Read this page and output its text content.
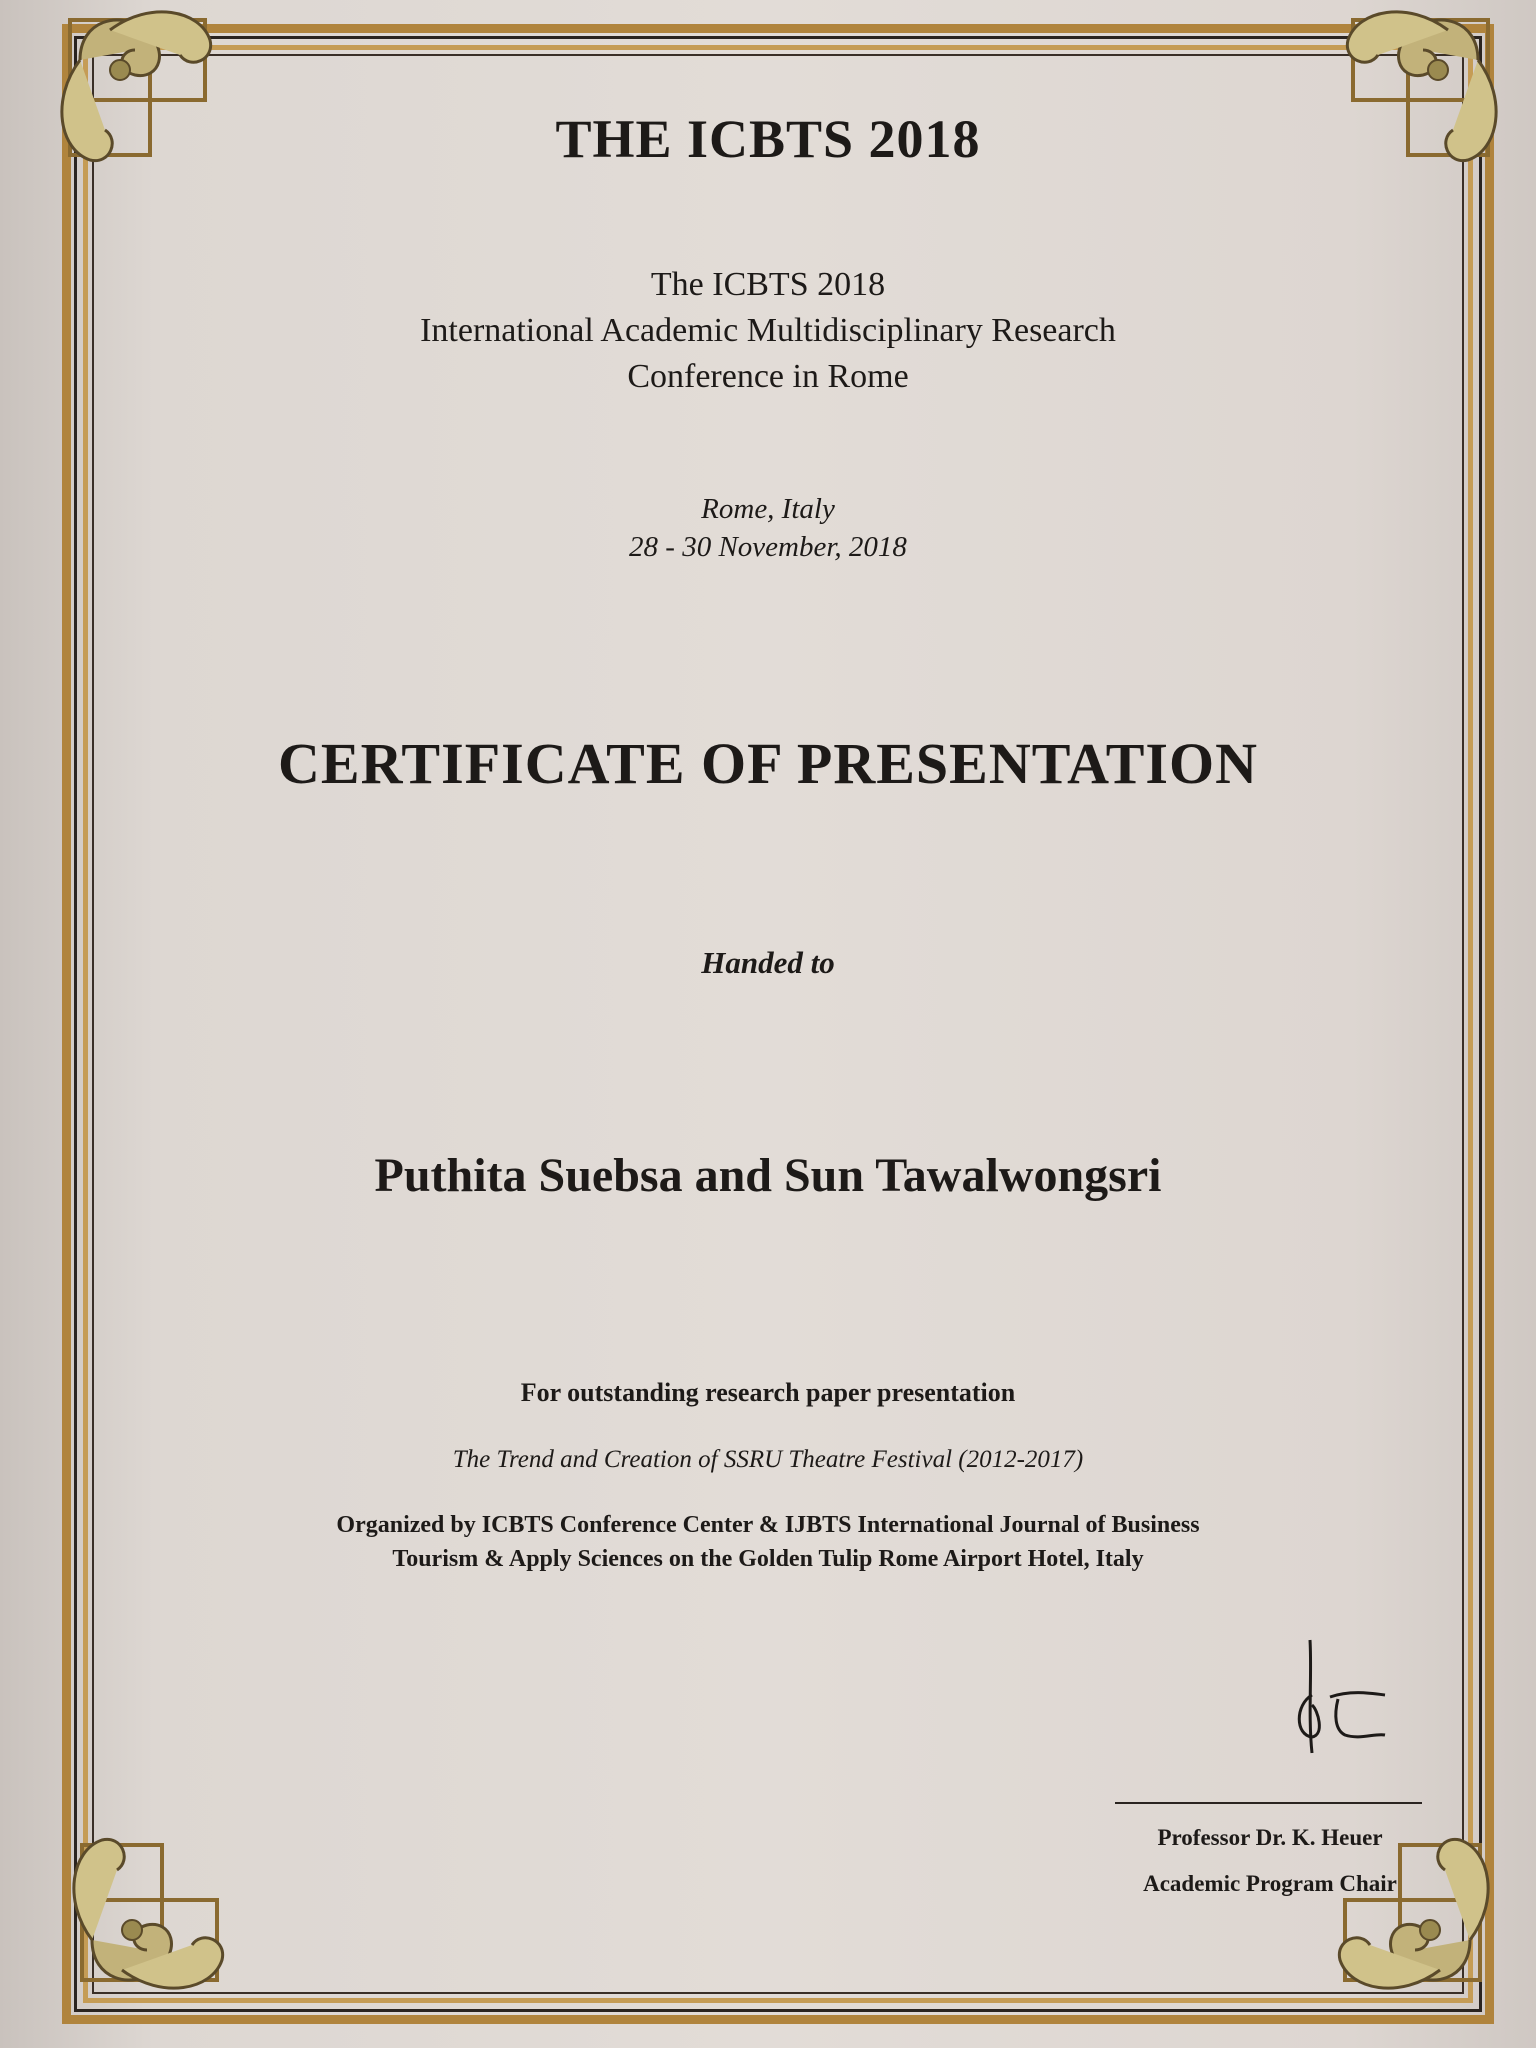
THE ICBTS 2018
The ICBTS 2018
International Academic Multidisciplinary Research
Conference in Rome
Rome, Italy
28 - 30 November, 2018
CERTIFICATE OF PRESENTATION
Handed to
Puthita Suebsa and Sun Tawalwongsri
For outstanding research paper presentation
The Trend and Creation of SSRU Theatre Festival (2012-2017)
Organized by ICBTS Conference Center & IJBTS International Journal of Business
Tourism & Apply Sciences on the Golden Tulip Rome Airport Hotel, Italy
Professor Dr. K. Heuer
Academic Program Chair
